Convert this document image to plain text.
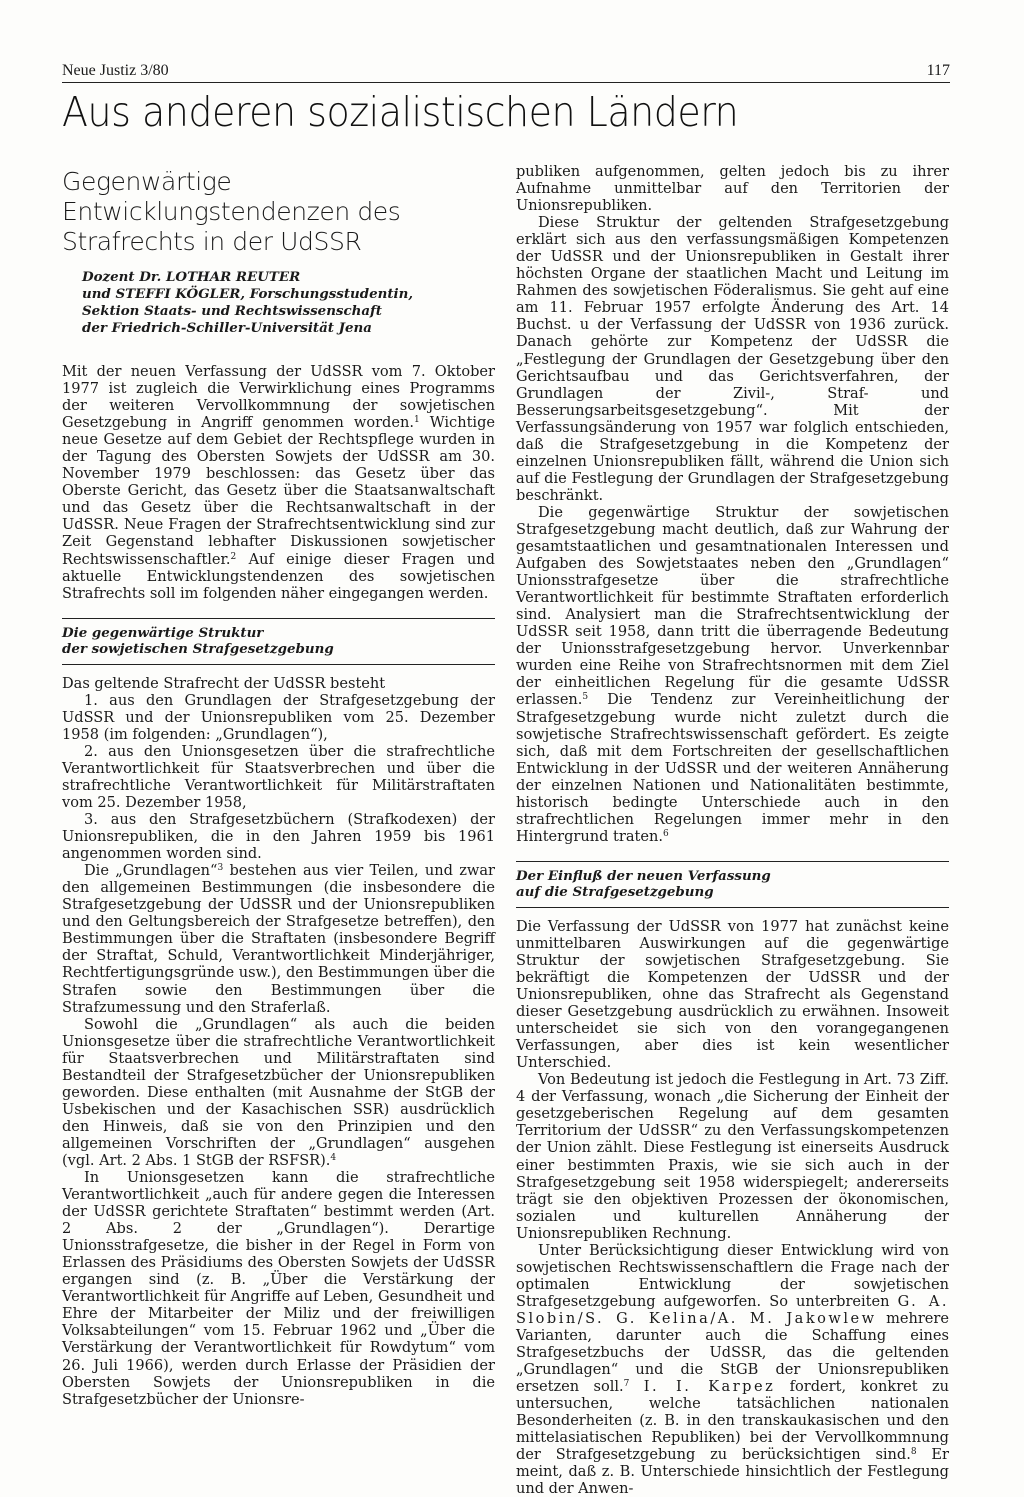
Neue Justiz 3/80	117
Aus anderen sozialistischen Ländern
Gegenwärtige Entwicklungstendenzen des Strafrechts in der UdSSR
Dozent Dr. LOTHAR REUTER
und STEFFI KÖGLER, Forschungsstudentin,
Sektion Staats- und Rechtswissenschaft
der Friedrich-Schiller-Universität Jena

Mit der neuen Verfassung der UdSSR vom 7. Oktober 1977 ist zugleich die Verwirklichung eines Programms der weiteren Vervollkommnung der sowjetischen Gesetzgebung in Angriff genommen worden.$^1$ Wichtige neue Gesetze auf dem Gebiet der Rechtspflege wurden in der Tagung des Obersten Sowjets der UdSSR am 30. November 1979 beschlossen: das Gesetz über das Oberste Gericht, das Gesetz über die Staatsanwaltschaft und das Gesetz über die Rechtsanwaltschaft in der UdSSR. Neue Fragen der Strafrechtsentwicklung sind zur Zeit Gegenstand lebhafter Diskussionen sowjetischer Rechtswissenschaftler.$^2$ Auf einige dieser Fragen und aktuelle Entwicklungstendenzen des sowjetischen Strafrechts soll im folgenden näher eingegangen werden.

Die gegenwärtige Struktur
der sowjetischen Strafgesetzgebung

Das geltende Strafrecht der UdSSR besteht

1. aus den Grundlagen der Strafgesetzgebung der UdSSR und der Unionsrepubliken vom 25. Dezember 1958 (im folgenden: „Grundlagen“),

2. aus den Unionsgesetzen über die strafrechtliche Verantwortlichkeit für Staatsverbrechen und über die strafrechtliche Verantwortlichkeit für Militärstraftaten vom 25. Dezember 1958,

3. aus den Strafgesetzbüchern (Strafkodexen) der Unionsrepubliken, die in den Jahren 1959 bis 1961 angenommen worden sind.

Die „Grundlagen“$^3$ bestehen aus vier Teilen, und zwar den allgemeinen Bestimmungen (die insbesondere die Strafgesetzgebung der UdSSR und der Unionsrepubliken und den Geltungsbereich der Strafgesetze betreffen), den Bestimmungen über die Straftaten (insbesondere Begriff der Straftat, Schuld, Verantwortlichkeit Minderjähriger, Rechtfertigungsgründe usw.), den Bestimmungen über die Strafen sowie den Bestimmungen über die Strafzumessung und den Straferlaß.

Sowohl die „Grundlagen“ als auch die beiden Unionsgesetze über die strafrechtliche Verantwortlichkeit für Staatsverbrechen und Militärstraftaten sind Bestandteil der Strafgesetzbücher der Unionsrepubliken geworden. Diese enthalten (mit Ausnahme der StGB der Usbekischen und der Kasachischen SSR) ausdrücklich den Hinweis, daß sie von den Prinzipien und den allgemeinen Vorschriften der „Grundlagen“ ausgehen (vgl. Art. 2 Abs. 1 StGB der RSFSR).$^4$

In Unionsgesetzen kann die strafrechtliche Verantwortlichkeit „auch für andere gegen die Interessen der UdSSR gerichtete Straftaten“ bestimmt werden (Art. 2 Abs. 2 der „Grundlagen“). Derartige Unionsstrafgesetze, die bisher in der Regel in Form von Erlassen des Präsidiums des Obersten Sowjets der UdSSR ergangen sind (z. B. „Über die Verstärkung der Verantwortlichkeit für Angriffe auf Leben, Gesundheit und Ehre der Mitarbeiter der Miliz und der freiwilligen Volksabteilungen“ vom 15. Februar 1962 und „Über die Verstärkung der Verantwortlichkeit für Rowdytum“ vom 26. Juli 1966), werden durch Erlasse der Präsidien der Obersten Sowjets der Unionsrepubliken in die Strafgesetzbücher der Unionsre-

publiken aufgenommen, gelten jedoch bis zu ihrer Aufnahme unmittelbar auf den Territorien der Unionsrepubliken.

Diese Struktur der geltenden Strafgesetzgebung erklärt sich aus den verfassungsmäßigen Kompetenzen der UdSSR und der Unionsrepubliken in Gestalt ihrer höchsten Organe der staatlichen Macht und Leitung im Rahmen des sowjetischen Föderalismus. Sie geht auf eine am 11. Februar 1957 erfolgte Änderung des Art. 14 Buchst. u der Verfassung der UdSSR von 1936 zurück. Danach gehörte zur Kompetenz der UdSSR die „Festlegung der Grundlagen der Gesetzgebung über den Gerichtsaufbau und das Gerichtsverfahren, der Grundlagen der Zivil-, Straf- und Besserungsarbeitsgesetzgebung“. Mit der Verfassungsänderung von 1957 war folglich entschieden, daß die Strafgesetzgebung in die Kompetenz der einzelnen Unionsrepubliken fällt, während die Union sich auf die Festlegung der Grundlagen der Strafgesetzgebung beschränkt.

Die gegenwärtige Struktur der sowjetischen Strafgesetzgebung macht deutlich, daß zur Wahrung der gesamtstaatlichen und gesamtnationalen Interessen und Aufgaben des Sowjetstaates neben den „Grundlagen“ Unionsstrafgesetze über die strafrechtliche Verantwortlichkeit für bestimmte Straftaten erforderlich sind. Analysiert man die Strafrechtsentwicklung der UdSSR seit 1958, dann tritt die überragende Bedeutung der Unionsstrafgesetzgebung hervor. Unverkennbar wurden eine Reihe von Strafrechtsnormen mit dem Ziel der einheitlichen Regelung für die gesamte UdSSR erlassen.$^5$ Die Tendenz zur Vereinheitlichung der Strafgesetzgebung wurde nicht zuletzt durch die sowjetische Strafrechtswissenschaft gefördert. Es zeigte sich, daß mit dem Fortschreiten der gesellschaftlichen Entwicklung in der UdSSR und der weiteren Annäherung der einzelnen Nationen und Nationalitäten bestimmte, historisch bedingte Unterschiede auch in den strafrechtlichen Regelungen immer mehr in den Hintergrund traten.$^6$

Der Einfluß der neuen Verfassung
auf die Strafgesetzgebung

Die Verfassung der UdSSR von 1977 hat zunächst keine unmittelbaren Auswirkungen auf die gegenwärtige Struktur der sowjetischen Strafgesetzgebung. Sie bekräftigt die Kompetenzen der UdSSR und der Unionsrepubliken, ohne das Strafrecht als Gegenstand dieser Gesetzgebung ausdrücklich zu erwähnen. Insoweit unterscheidet sie sich von den vorangegangenen Verfassungen, aber dies ist kein wesentlicher Unterschied.

Von Bedeutung ist jedoch die Festlegung in Art. 73 Ziff. 4 der Verfassung, wonach „die Sicherung der Einheit der gesetzgeberischen Regelung auf dem gesamten Territorium der UdSSR“ zu den Verfassungskompetenzen der Union zählt. Diese Festlegung ist einerseits Ausdruck einer bestimmten Praxis, wie sie sich auch in der Strafgesetzgebung seit 1958 widerspiegelt; andererseits trägt sie den objektiven Prozessen der ökonomischen, sozialen und kulturellen Annäherung der Unionsrepubliken Rechnung.

Unter Berücksichtigung dieser Entwicklung wird von sowjetischen Rechtswissenschaftlern die Frage nach der optimalen Entwicklung der sowjetischen Strafgesetzgebung aufgeworfen. So unterbreiten G. A. Slobin/S. G. Kelina/A. M. Jakowlew mehrere Varianten, darunter auch die Schaffung eines Strafgesetzbuchs der UdSSR, das die geltenden „Grundlagen“ und die StGB der Unionsrepubliken ersetzen soll.$^7$ I. I. Karpez fordert, konkret zu untersuchen, welche tatsächlichen nationalen Besonderheiten (z. B. in den transkaukasischen und den mittelasiatischen Republiken) bei der Vervollkommnung der Strafgesetzgebung zu berücksichtigen sind.$^8$ Er meint, daß z. B. Unterschiede hinsichtlich der Festlegung und der Anwen-
